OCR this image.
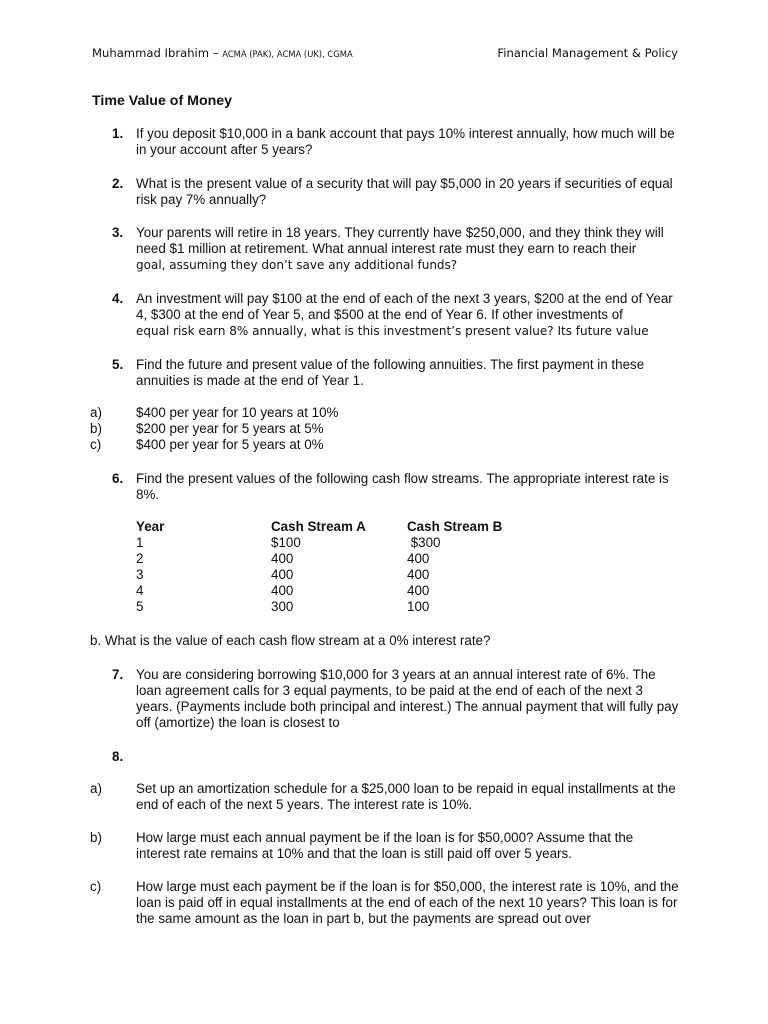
Muhammad Ibrahim – ACMA (PAK), ACMA (UK), CGMA	Financial Management & Policy
Time Value of Money
1. If you deposit $10,000 in a bank account that pays 10% interest annually, how much will be in your account after 5 years?
2. What is the present value of a security that will pay $5,000 in 20 years if securities of equal risk pay 7% annually?
3. Your parents will retire in 18 years. They currently have $250,000, and they think they will need $1 million at retirement. What annual interest rate must they earn to reach their
goal, assuming they don’t save any additional funds?
4. An investment will pay $100 at the end of each of the next 3 years, $200 at the end of Year 4, $300 at the end of Year 5, and $500 at the end of Year 6. If other investments of
equal risk earn 8% annually, what is this investment’s present value? Its future value
5. Find the future and present value of the following annuities. The first payment in these annuities is made at the end of Year 1.
a)	$400 per year for 10 years at 10%
b)	$200 per year for 5 years at 5%
c)	$400 per year for 5 years at 0%
6. Find the present values of the following cash flow streams. The appropriate interest rate is 8%.
Year	Cash Stream A	Cash Stream B
1	$100	$300
2	400	400
3	400	400
4	400	400
5	300	100
b. What is the value of each cash flow stream at a 0% interest rate?
7. You are considering borrowing $10,000 for 3 years at an annual interest rate of 6%. The loan agreement calls for 3 equal payments, to be paid at the end of each of the next 3 years. (Payments include both principal and interest.) The annual payment that will fully pay off (amortize) the loan is closest to
8.
a)	Set up an amortization schedule for a $25,000 loan to be repaid in equal installments at the end of each of the next 5 years. The interest rate is 10%.
b)	How large must each annual payment be if the loan is for $50,000? Assume that the interest rate remains at 10% and that the loan is still paid off over 5 years.
c)	How large must each payment be if the loan is for $50,000, the interest rate is 10%, and the loan is paid off in equal installments at the end of each of the next 10 years? This loan is for the same amount as the loan in part b, but the payments are spread out over
